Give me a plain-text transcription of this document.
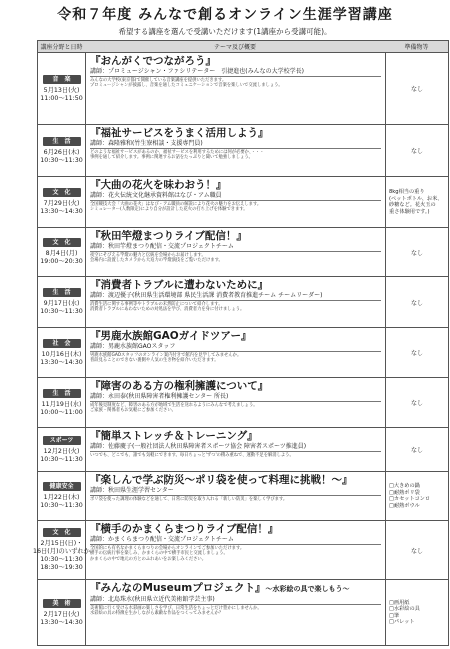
令和７年度 みんなで創るオンライン生涯学習講座
希望する講座を選んで受講いただけます(1講座から受講可能)。
講座分野と日時	テーマ及び概要	準備物等
音　楽
5月13日(火)
11:00～11:50
『おんがくでつながろう』
講師：プロミュージシャン・ファシリテーター　引捷進也(みんなの大学校学長)
みんなの大学校(東京都)で開催している音楽講座を提供いただきます。
プロミュージシャンが披露し、音楽を通したコミュニケーションで音楽を楽しいで交流しましょう。
なし
生　活
6月26日(木)
10:30～11:30
『福祉サービスをうまく活用しよう』
講師：森隆雅和(竹生寮相談・支援専門員)
どのような福祉サービスがあるのか、福祉サービスを利用するためには何が必要か、・・・
事例を通して紹介します。事例に関連するお話をたっぷりと聞いて勉強しましょう。
なし
文　化
7月29日(火)
13:30～14:30
『大曲の花火を味わおう！』
講師：花火伝統文化継承資料館はなび・アム職員
全国競技大会「大曲の花火」はなび・アム職員の解説により花火の魅力をお伝えします。
シミュレーター(人数限定)により自分が設計した花火の打ち上げを体験できます。
8kg相当の重り
(ペットボトル、お米、
砂糖など。花火玉の
重さ体験用です。)
文　化
8月4日(月)
19:00～20:30
『秋田竿燈まつりライブ配信！』
講師：秋田竿燈まつり配信・交流プロジェクトチーム
夜空にそびえる竿燈の魅力と伝統を会場からお届けします。
会場内に設置したカメラから大迫力の竿燈演技をご覧いただけます。
なし
生　活
9月17日(水)
10:30～11:30
『消費者トラブルに遭わないために』
講師：渡辺優子(秋田県生活環境部 県民生活課 消費者教育推進チーム チームリーダー)
消費生活に関する事例等やトラブルの未然防止について紹介します。
消費者トラブルにあわないための対処法を学び、消費者力を身に付けましょう。
なし
社　会
10月16日(木)
13:30～14:30
『男鹿水族館GAOガイドツアー』
講師：男鹿水族館GAOスタッフ
男鹿水族館GAOスタッフのオンライン案内付きで館内を見学してみませんか。
普段見ることのできない裏側や人気の生き物を紹介いただきます。
なし
生　活
11月19日(水)
10:00～11:00
『障害のある方の権利擁護について』
講師：永田泰(秋田県障害者権利擁護センター 所長)
成年後見制度など、障害のある方が地域で生活を送れるようにみんなで考えましょう。
ご家族・関係者もお気軽にご参加ください。
なし
スポーツ
12月2日(火)
10:30～11:30
『簡単ストレッチ＆トレーニング』
講師：佐藤慶子(一般社団法人秋田県障害者スポーツ協会 障害者スポーツ推進員)
いつでも、どこでも、誰でも気軽にできます。毎日ちょっと'ずつ'の積み重ねで、運動不足を解消しよう。
なし
健康安全
1月22日(木)
10:30～11:30
『楽しんで学ぶ防災～ポリ袋を使って料理に挑戦！～』
講師：秋田県生涯学習センター
ポリ袋を使った調理の体験などを通して、日常に防災を取り入れる「新しい防災」を楽しく学びます。
□大きめの鍋
□耐熱ポリ袋
□カセットコンロ
□耐熱ボウル
文　化
2月15日(日)・
16日(月)のいずれか
10:30～11:30
18:30～19:30
『横手のかまくらまつりライブ配信！』
講師：かまくらまつり配信・交流プロジェクトチーム
全国的にも有名なかまくらまつりの会場からオンラインでご参加いただけます。
横手の伝統行事を楽しみ、かまくらの中で横手市民と交流しましょう。
かまくらの中で地元の方とのふれあいをお楽しみください。
なし
美　術
2月17日(火)
13:30～14:30
『みんなのMuseumプロジェクト』～水彩絵の具で楽しもう～
講師：北島珠水(秋田県立近代美術館学芸主事)
美術館に行く受ける水彩画の楽しさを学び、日常生活をちょっとだけ豊かにしませんか。
水彩絵の具の特徴を生かしながら素敵な作品をつくってみませんか？
□画用紙
□水彩絵の具
□筆
□パレット
